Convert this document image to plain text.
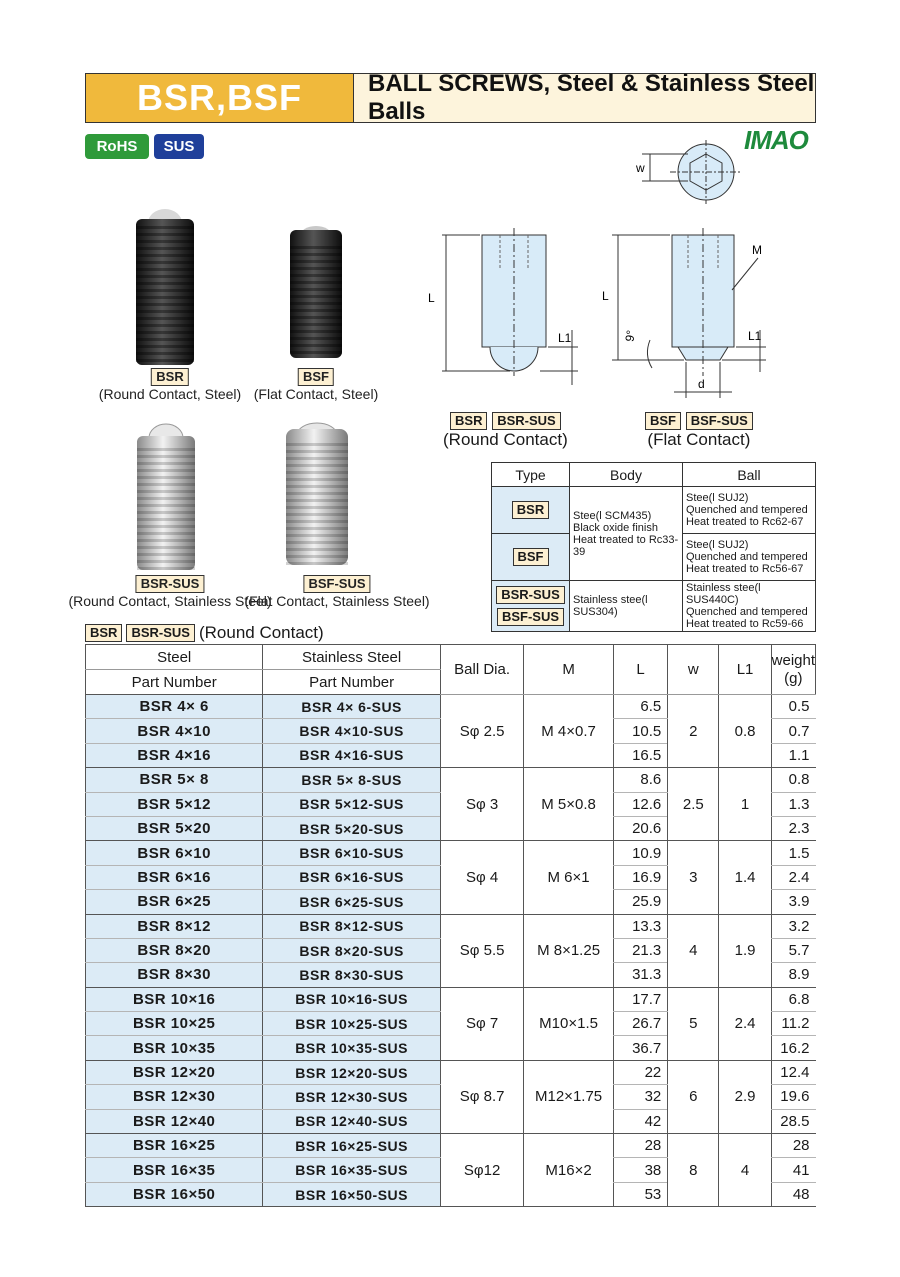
BSR,BSF	BALL SCREWS, Steel & Stainless Steel Balls
RoHS	SUS	IMAO
BSR
(Round Contact, Steel)
BSF
(Flat Contact, Steel)
BSR-SUS
(Round Contact, Stainless Steel)
BSF-SUS
(Flat Contact, Stainless Steel)
w
L
L1
L
L1
M
d
9°
BSR BSR-SUS
(Round Contact)
BSF BSF-SUS
(Flat Contact)
Type	Body	Ball
BSR	Stee(l SCM435)
Black oxide finish
Heat treated to Rc33-39	Stee(l SUJ2)
Quenched and tempered
Heat treated to Rc62-67
BSF		Stee(l SUJ2)
Quenched and tempered
Heat treated to Rc56-67
BSR-SUS
BSF-SUS	Stainless stee(l SUS304)	Stainless stee(l SUS440C)
Quenched and tempered
Heat treated to Rc59-66
BSR	BSR-SUS (Round Contact)
Steel	Stainless Steel	Ball Dia.	M	L	w	L1	weight
(g)
Part Number	Part Number						
BSR 4× 6	BSR 4× 6-SUS	Sφ 2.5	M 4×0.7	6.5	2	0.8	0.5
BSR 4×10	BSR 4×10-SUS			10.5			0.7
BSR 4×16	BSR 4×16-SUS			16.5			1.1
BSR 5× 8	BSR 5× 8-SUS	Sφ 3	M 5×0.8	8.6	2.5	1	0.8
BSR 5×12	BSR 5×12-SUS			12.6			1.3
BSR 5×20	BSR 5×20-SUS			20.6			2.3
BSR 6×10	BSR 6×10-SUS	Sφ 4	M 6×1	10.9	3	1.4	1.5
BSR 6×16	BSR 6×16-SUS			16.9			2.4
BSR 6×25	BSR 6×25-SUS			25.9			3.9
BSR 8×12	BSR 8×12-SUS	Sφ 5.5	M 8×1.25	13.3	4	1.9	3.2
BSR 8×20	BSR 8×20-SUS			21.3			5.7
BSR 8×30	BSR 8×30-SUS			31.3			8.9
BSR 10×16	BSR 10×16-SUS	Sφ 7	M10×1.5	17.7	5	2.4	6.8
BSR 10×25	BSR 10×25-SUS			26.7			11.2
BSR 10×35	BSR 10×35-SUS			36.7			16.2
BSR 12×20	BSR 12×20-SUS	Sφ 8.7	M12×1.75	22	6	2.9	12.4
BSR 12×30	BSR 12×30-SUS			32			19.6
BSR 12×40	BSR 12×40-SUS			42			28.5
BSR 16×25	BSR 16×25-SUS	Sφ12	M16×2	28	8	4	28
BSR 16×35	BSR 16×35-SUS			38			41
BSR 16×50	BSR 16×50-SUS			53			48
